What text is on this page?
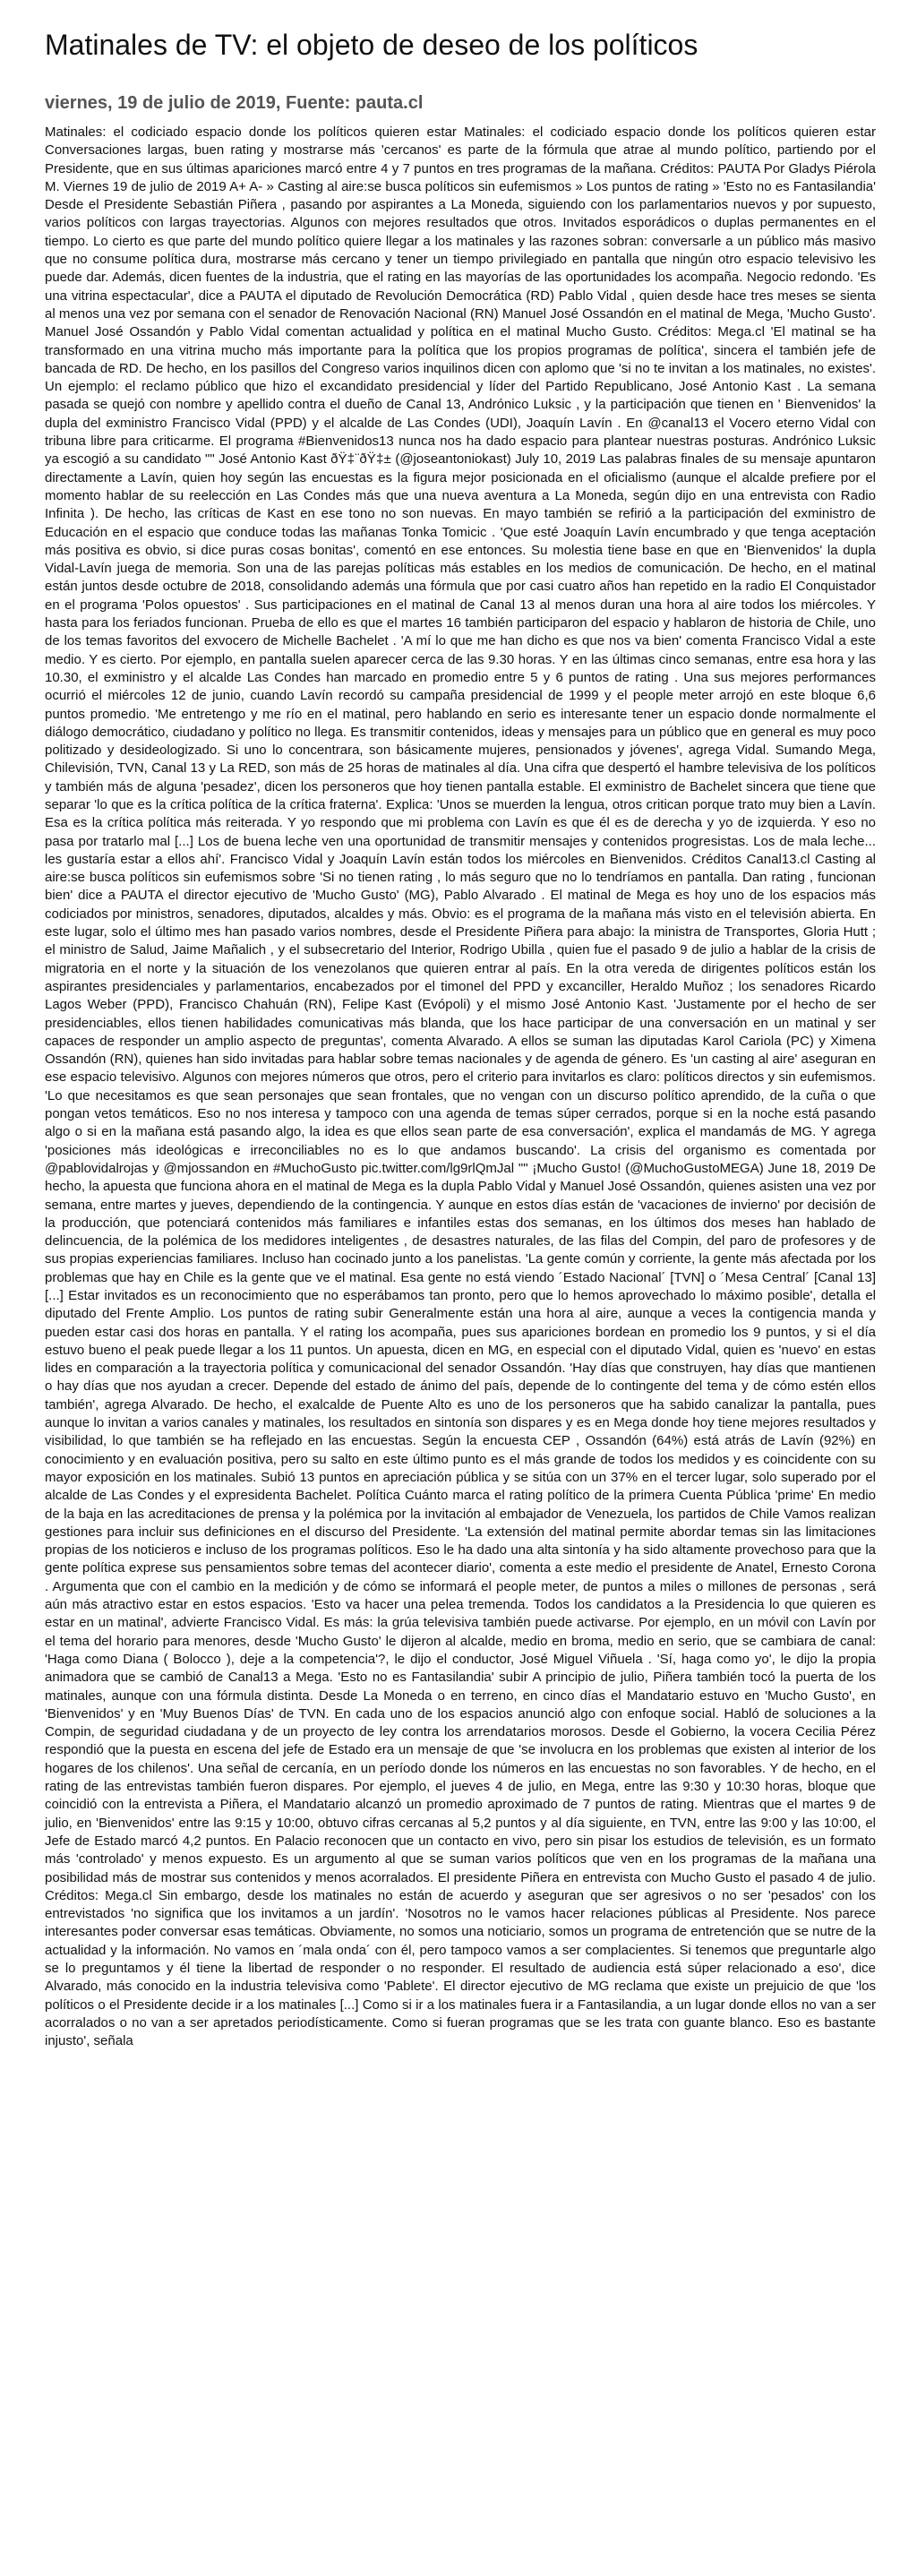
Matinales de TV: el objeto de deseo de los políticos
viernes, 19 de julio de 2019, Fuente: pauta.cl

Matinales: el codiciado espacio donde los políticos quieren estar Matinales: el codiciado espacio donde los políticos quieren estar Conversaciones largas, buen rating y mostrarse más 'cercanos' es parte de la fórmula que atrae al mundo político, partiendo por el Presidente, que en sus últimas apariciones marcó entre 4 y 7 puntos en tres programas de la mañana. Créditos: PAUTA Por Gladys Piérola M. Viernes 19 de julio de 2019 A+ A- » Casting al aire:se busca políticos sin eufemismos » Los puntos de rating » 'Esto no es Fantasilandia' Desde el Presidente Sebastián Piñera , pasando por aspirantes a La Moneda, siguiendo con los parlamentarios nuevos y por supuesto, varios políticos con largas trayectorias. Algunos con mejores resultados que otros. Invitados esporádicos o duplas permanentes en el tiempo. Lo cierto es que parte del mundo político quiere llegar a los matinales y las razones sobran: conversarle a un público más masivo que no consume política dura, mostrarse más cercano y tener un tiempo privilegiado en pantalla que ningún otro espacio televisivo les puede dar. Además, dicen fuentes de la industria, que el rating en las mayorías de las oportunidades los acompaña. Negocio redondo. 'Es una vitrina espectacular', dice a PAUTA el diputado de Revolución Democrática (RD) Pablo Vidal , quien desde hace tres meses se sienta al menos una vez por semana con el senador de Renovación Nacional (RN) Manuel José Ossandón en el matinal de Mega, 'Mucho Gusto'. Manuel José Ossandón y Pablo Vidal comentan actualidad y política en el matinal Mucho Gusto. Créditos: Mega.cl 'El matinal se ha transformado en una vitrina mucho más importante para la política que los propios programas de política', sincera el también jefe de bancada de RD. De hecho, en los pasillos del Congreso varios inquilinos dicen con aplomo que 'si no te invitan a los matinales, no existes'. Un ejemplo: el reclamo público que hizo el excandidato presidencial y líder del Partido Republicano, José Antonio Kast . La semana pasada se quejó con nombre y apellido contra el dueño de Canal 13, Andrónico Luksic , y la participación que tienen en ' Bienvenidos' la dupla del exministro Francisco Vidal (PPD) y el alcalde de Las Condes (UDI), Joaquín Lavín . En @canal13 el Vocero eterno Vidal con tribuna libre para criticarme. El programa #Bienvenidos13 nunca nos ha dado espacio para plantear nuestras posturas. Andrónico Luksic ya escogió a su candidato "" José Antonio Kast ðŸ‡¨ðŸ‡± (@joseantoniokast) July 10, 2019 Las palabras finales de su mensaje apuntaron directamente a Lavín, quien hoy según las encuestas es la figura mejor posicionada en el oficialismo (aunque el alcalde prefiere por el momento hablar de su reelección en Las Condes más que una nueva aventura a La Moneda, según dijo en una entrevista con Radio Infinita ). De hecho, las críticas de Kast en ese tono no son nuevas. En mayo también se refirió a la participación del exministro de Educación en el espacio que conduce todas las mañanas Tonka Tomicic . 'Que esté Joaquín Lavín encumbrado y que tenga aceptación más positiva es obvio, si dice puras cosas bonitas', comentó en ese entonces. Su molestia tiene base en que en 'Bienvenidos' la dupla Vidal-Lavín juega de memoria. Son una de las parejas políticas más estables en los medios de comunicación. De hecho, en el matinal están juntos desde octubre de 2018, consolidando además una fórmula que por casi cuatro años han repetido en la radio El Conquistador en el programa 'Polos opuestos' . Sus participaciones en el matinal de Canal 13 al menos duran una hora al aire todos los miércoles. Y hasta para los feriados funcionan. Prueba de ello es que el martes 16 también participaron del espacio y hablaron de historia de Chile, uno de los temas favoritos del exvocero de Michelle Bachelet . 'A mí lo que me han dicho es que nos va bien' comenta Francisco Vidal a este medio. Y es cierto. Por ejemplo, en pantalla suelen aparecer cerca de las 9.30 horas. Y en las últimas cinco semanas, entre esa hora y las 10.30, el exministro y el alcalde Las Condes han marcado en promedio entre 5 y 6 puntos de rating . Una sus mejores performances ocurrió el miércoles 12 de junio, cuando Lavín recordó su campaña presidencial de 1999 y el people meter arrojó en este bloque 6,6 puntos promedio. 'Me entretengo y me río en el matinal, pero hablando en serio es interesante tener un espacio donde normalmente el diálogo democrático, ciudadano y político no llega. Es transmitir contenidos, ideas y mensajes para un público que en general es muy poco politizado y desideologizado. Si uno lo concentrara, son básicamente mujeres, pensionados y jóvenes', agrega Vidal. Sumando Mega, Chilevisión, TVN, Canal 13 y La RED, son más de 25 horas de matinales al día. Una cifra que despertó el hambre televisiva de los políticos y también más de alguna 'pesadez', dicen los personeros que hoy tienen pantalla estable. El exministro de Bachelet sincera que tiene que separar 'lo que es la crítica política de la crítica fraterna'. Explica: 'Unos se muerden la lengua, otros critican porque trato muy bien a Lavín. Esa es la crítica política más reiterada. Y yo respondo que mi problema con Lavín es que él es de derecha y yo de izquierda. Y eso no pasa por tratarlo mal [...] Los de buena leche ven una oportunidad de transmitir mensajes y contenidos progresistas. Los de mala leche... les gustaría estar a ellos ahí'. Francisco Vidal y Joaquín Lavín están todos los miércoles en Bienvenidos. Créditos Canal13.cl Casting al aire:se busca políticos sin eufemismos sobre 'Si no tienen rating , lo más seguro que no lo tendríamos en pantalla. Dan rating , funcionan bien' dice a PAUTA el director ejecutivo de 'Mucho Gusto' (MG), Pablo Alvarado . El matinal de Mega es hoy uno de los espacios más codiciados por ministros, senadores, diputados, alcaldes y más. Obvio: es el programa de la mañana más visto en el televisión abierta. En este lugar, solo el último mes han pasado varios nombres, desde el Presidente Piñera para abajo: la ministra de Transportes, Gloria Hutt ; el ministro de Salud, Jaime Mañalich , y el subsecretario del Interior, Rodrigo Ubilla , quien fue el pasado 9 de julio a hablar de la crisis de migratoria en el norte y la situación de los venezolanos que quieren entrar al país. En la otra vereda de dirigentes políticos están los aspirantes presidenciales y parlamentarios, encabezados por el timonel del PPD y excanciller, Heraldo Muñoz ; los senadores Ricardo Lagos Weber (PPD), Francisco Chahuán (RN), Felipe Kast (Evópoli) y el mismo José Antonio Kast. 'Justamente por el hecho de ser presidenciables, ellos tienen habilidades comunicativas más blanda, que los hace participar de una conversación en un matinal y ser capaces de responder un amplio aspecto de preguntas', comenta Alvarado. A ellos se suman las diputadas Karol Cariola (PC) y Ximena Ossandón (RN), quienes han sido invitadas para hablar sobre temas nacionales y de agenda de género. Es 'un casting al aire' aseguran en ese espacio televisivo. Algunos con mejores números que otros, pero el criterio para invitarlos es claro: políticos directos y sin eufemismos. 'Lo que necesitamos es que sean personajes que sean frontales, que no vengan con un discurso político aprendido, de la cuña o que pongan vetos temáticos. Eso no nos interesa y tampoco con una agenda de temas súper cerrados, porque si en la noche está pasando algo o si en la mañana está pasando algo, la idea es que ellos sean parte de esa conversación', explica el mandamás de MG. Y agrega 'posiciones más ideológicas e irreconciliables no es lo que andamos buscando'. La crisis del organismo es comentada por @pablovidalrojas y @mjossandon en #MuchoGusto pic.twitter.com/lg9rlQmJal "" ¡Mucho Gusto! (@MuchoGustoMEGA) June 18, 2019 De hecho, la apuesta que funciona ahora en el matinal de Mega es la dupla Pablo Vidal y Manuel José Ossandón, quienes asisten una vez por semana, entre martes y jueves, dependiendo de la contingencia. Y aunque en estos días están de 'vacaciones de invierno' por decisión de la producción, que potenciará contenidos más familiares e infantiles estas dos semanas, en los últimos dos meses han hablado de delincuencia, de la polémica de los medidores inteligentes , de desastres naturales, de las filas del Compin, del paro de profesores y de sus propias experiencias familiares. Incluso han cocinado junto a los panelistas. 'La gente común y corriente, la gente más afectada por los problemas que hay en Chile es la gente que ve el matinal. Esa gente no está viendo ´Estado Nacional´ [TVN] o ´Mesa Central´ [Canal 13] [...] Estar invitados es un reconocimiento que no esperábamos tan pronto, pero que lo hemos aprovechado lo máximo posible', detalla el diputado del Frente Amplio. Los puntos de rating subir Generalmente están una hora al aire, aunque a veces la contigencia manda y pueden estar casi dos horas en pantalla. Y el rating los acompaña, pues sus apariciones bordean en promedio los 9 puntos, y si el día estuvo bueno el peak puede llegar a los 11 puntos. Un apuesta, dicen en MG, en especial con el diputado Vidal, quien es 'nuevo' en estas lides en comparación a la trayectoria política y comunicacional del senador Ossandón. 'Hay días que construyen, hay días que mantienen o hay días que nos ayudan a crecer. Depende del estado de ánimo del país, depende de lo contingente del tema y de cómo estén ellos también', agrega Alvarado. De hecho, el exalcalde de Puente Alto es uno de los personeros que ha sabido canalizar la pantalla, pues aunque lo invitan a varios canales y matinales, los resultados en sintonía son dispares y es en Mega donde hoy tiene mejores resultados y visibilidad, lo que también se ha reflejado en las encuestas. Según la encuesta CEP , Ossandón (64%) está atrás de Lavín (92%) en conocimiento y en evaluación positiva, pero su salto en este último punto es el más grande de todos los medidos y es coincidente con su mayor exposición en los matinales. Subió 13 puntos en apreciación pública y se sitúa con un 37% en el tercer lugar, solo superado por el alcalde de Las Condes y el expresidenta Bachelet. Política Cuánto marca el rating político de la primera Cuenta Pública 'prime' En medio de la baja en las acreditaciones de prensa y la polémica por la invitación al embajador de Venezuela, los partidos de Chile Vamos realizan gestiones para incluir sus definiciones en el discurso del Presidente. 'La extensión del matinal permite abordar temas sin las limitaciones propias de los noticieros e incluso de los programas políticos. Eso le ha dado una alta sintonía y ha sido altamente provechoso para que la gente política exprese sus pensamientos sobre temas del acontecer diario', comenta a este medio el presidente de Anatel, Ernesto Corona . Argumenta que con el cambio en la medición y de cómo se informará el people meter, de puntos a miles o millones de personas , será aún más atractivo estar en estos espacios. 'Esto va hacer una pelea tremenda. Todos los candidatos a la Presidencia lo que quieren es estar en un matinal', advierte Francisco Vidal. Es más: la grúa televisiva también puede activarse. Por ejemplo, en un móvil con Lavín por el tema del horario para menores, desde 'Mucho Gusto' le dijeron al alcalde, medio en broma, medio en serio, que se cambiara de canal: 'Haga como Diana ( Bolocco ), deje a la competencia'?, le dijo el conductor, José Miguel Viñuela . 'Sí, haga como yo', le dijo la propia animadora que se cambió de Canal13 a Mega. 'Esto no es Fantasilandia' subir A principio de julio, Piñera también tocó la puerta de los matinales, aunque con una fórmula distinta. Desde La Moneda o en terreno, en cinco días el Mandatario estuvo en 'Mucho Gusto', en 'Bienvenidos' y en 'Muy Buenos Días' de TVN. En cada uno de los espacios anunció algo con enfoque social. Habló de soluciones a la Compin, de seguridad ciudadana y de un proyecto de ley contra los arrendatarios morosos. Desde el Gobierno, la vocera Cecilia Pérez respondió que la puesta en escena del jefe de Estado era un mensaje de que 'se involucra en los problemas que existen al interior de los hogares de los chilenos'. Una señal de cercanía, en un período donde los números en las encuestas no son favorables. Y de hecho, en el rating de las entrevistas también fueron dispares. Por ejemplo, el jueves 4 de julio, en Mega, entre las 9:30 y 10:30 horas, bloque que coincidió con la entrevista a Piñera, el Mandatario alcanzó un promedio aproximado de 7 puntos de rating. Mientras que el martes 9 de julio, en 'Bienvenidos' entre las 9:15 y 10:00, obtuvo cifras cercanas al 5,2 puntos y al día siguiente, en TVN, entre las 9:00 y las 10:00, el Jefe de Estado marcó 4,2 puntos. En Palacio reconocen que un contacto en vivo, pero sin pisar los estudios de televisión, es un formato más 'controlado' y menos expuesto. Es un argumento al que se suman varios políticos que ven en los programas de la mañana una posibilidad más de mostrar sus contenidos y menos acorralados. El presidente Piñera en entrevista con Mucho Gusto el pasado 4 de julio. Créditos: Mega.cl Sin embargo, desde los matinales no están de acuerdo y aseguran que ser agresivos o no ser 'pesados' con los entrevistados 'no significa que los invitamos a un jardín'. 'Nosotros no le vamos hacer relaciones públicas al Presidente. Nos parece interesantes poder conversar esas temáticas. Obviamente, no somos una noticiario, somos un programa de entretención que se nutre de la actualidad y la información. No vamos en ´mala onda´ con él, pero tampoco vamos a ser complacientes. Si tenemos que preguntarle algo se lo preguntamos y él tiene la libertad de responder o no responder. El resultado de audiencia está súper relacionado a eso', dice Alvarado, más conocido en la industria televisiva como 'Pablete'. El director ejecutivo de MG reclama que existe un prejuicio de que 'los políticos o el Presidente decide ir a los matinales [...] Como si ir a los matinales fuera ir a Fantasilandia, a un lugar donde ellos no van a ser acorralados o no van a ser apretados periodísticamente. Como si fueran programas que se les trata con guante blanco. Eso es bastante injusto', señala
